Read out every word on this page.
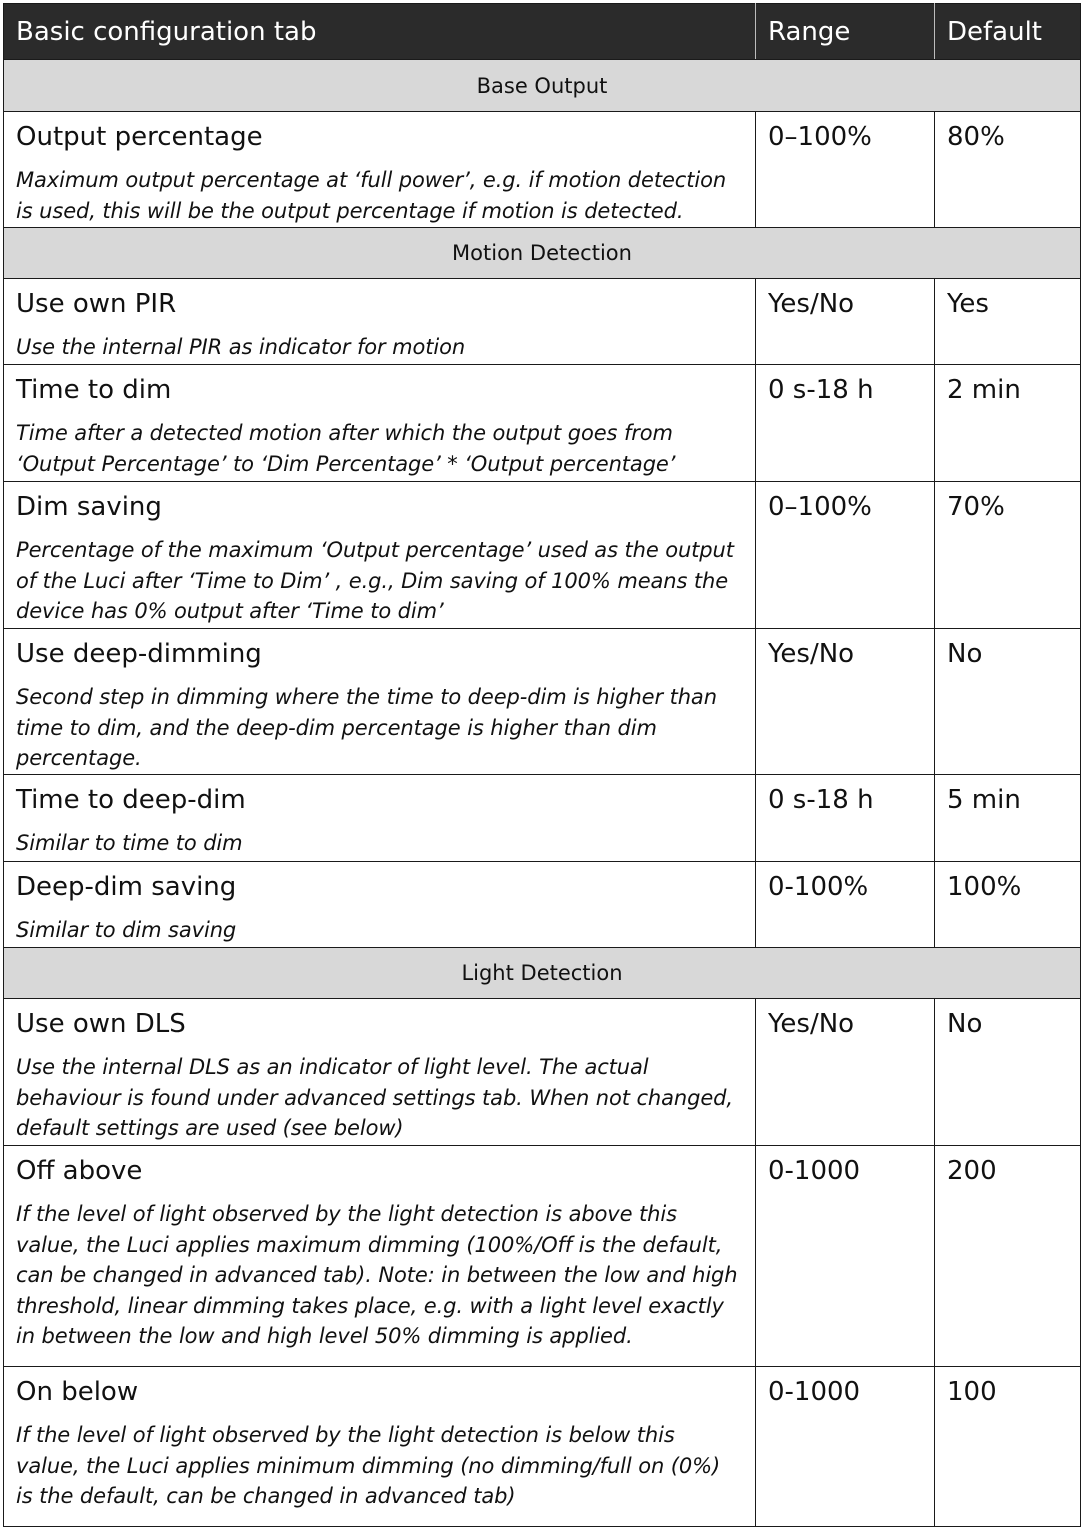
Basic configuration tab	Range	Default
Base Output		

Output percentage
Maximum output percentage at ‘full power’, e.g. if motion detection is used, this will be the output percentage if motion is detected.	0–100%	80%

Motion Detection		

Use own PIR
Use the internal PIR as indicator for motion	Yes/No	Yes

Time to dim
Time after a detected motion after which the output goes from ‘Output Percentage’ to ‘Dim Percentage’ * ‘Output percentage’	0 s-18 h	2 min

Dim saving
Percentage of the maximum ‘Output percentage’ used as the output of the Luci after ‘Time to Dim’ , e.g., Dim saving of 100% means the device has 0% output after ‘Time to dim’	0–100%	70%

Use deep-dimming
Second step in dimming where the time to deep-dim is higher than time to dim, and the deep-dim percentage is higher than dim percentage.	Yes/No	No

Time to deep-dim
Similar to time to dim	0 s-18 h	5 min

Deep-dim saving
Similar to dim saving	0-100%	100%

Light Detection		

Use own DLS
Use the internal DLS as an indicator of light level. The actual behaviour is found under advanced settings tab. When not changed, default settings are used (see below)	Yes/No	No

Off above
If the level of light observed by the light detection is above this value, the Luci applies maximum dimming (100%/Off is the default, can be changed in advanced tab). Note: in between the low and high threshold, linear dimming takes place, e.g. with a light level exactly in between the low and high level 50% dimming is applied.	0-1000	200

On below
If the level of light observed by the light detection is below this value, the Luci applies minimum dimming (no dimming/full on (0%) is the default, can be changed in advanced tab)	0-1000	100
